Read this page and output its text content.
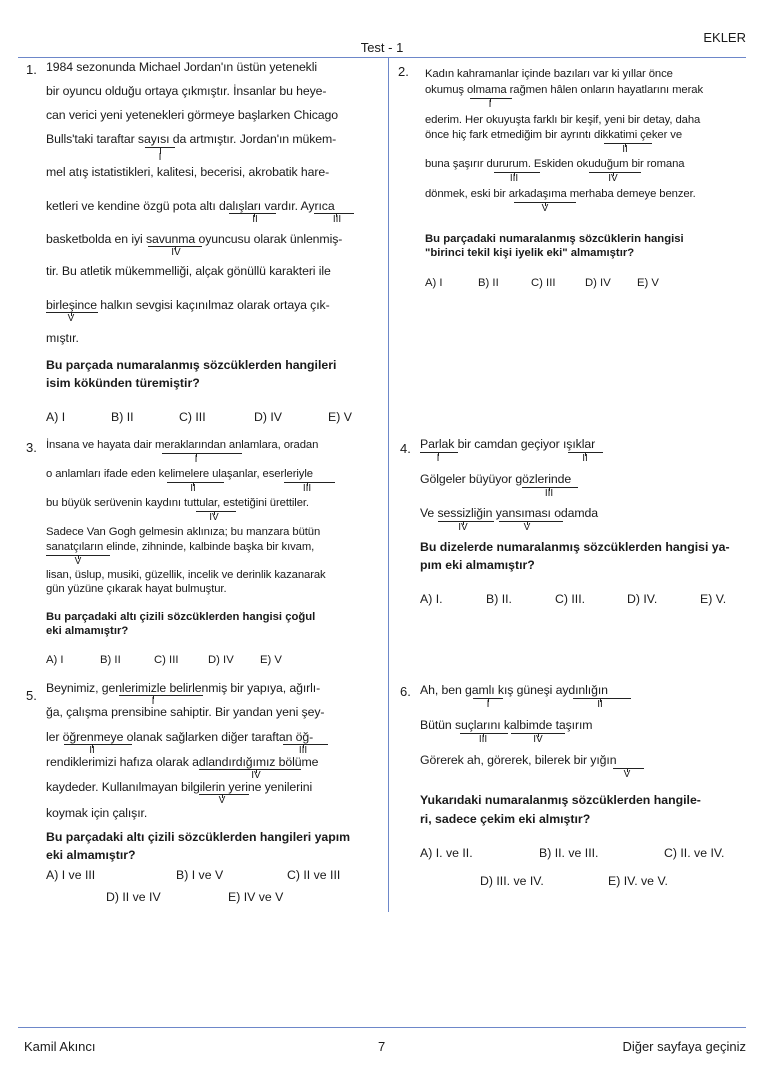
EKLER
Test - 1
1. 1984 sezonunda Michael Jordan'ın üstün yetenekli
bir oyuncu olduğu ortaya çıkmıştır. İnsanlar bu heye-
can verici yeni yetenekleri görmeye başlarken Chicago
Bulls'taki taraftar sayısı da artmıştır. Jordan'ın mükem-
mel atış istatistikleri, kalitesi, becerisi, akrobatik hare-
ketleri ve kendine özgü pota altı dalışları vardır. Ayrıca
basketbolda en iyi savunma oyuncusu olarak ünlenmiş-
tir. Bu atletik mükemmelliği, alçak gönüllü karakteri ile
birleşince halkın sevgisi kaçınılmaz olarak ortaya çık-
mıştır.
I
II	III
IV
V
Bu parçada numaralanmış sözcüklerden hangileri
isim kökünden türemiştir?
A) I	B) II	C) III	D) IV	E) V
2. Kadın kahramanlar içinde bazıları var ki yıllar önce
okumuş olmama rağmen hâlen onların hayatlarını merak
ederim. Her okuyuşta farklı bir keşif, yeni bir detay, daha
önce hiç fark etmediğim bir ayrıntı dikkatimi çeker ve
buna şaşırır dururum. Eskiden okuduğum bir romana
dönmek, eski bir arkadaşıma merhaba demeye benzer.
I
II
III	IV
V
Bu parçadaki numaralanmış sözcüklerin hangisi
"birinci tekil kişi iyelik eki" almamıştır?
A) I	B) II	C) III	D) IV E) V
3. İnsana ve hayata dair meraklarından anlamlara, oradan
o anlamları ifade eden kelimelere ulaşanlar, eserleriyle
bu büyük serüvenin kaydını tuttular, estetiğini ürettiler.
Sadece Van Gogh gelmesin aklınıza; bu manzara bütün
sanatçıların elinde, zihninde, kalbinde başka bir kıvam,
lisan, üslup, musiki, güzellik, incelik ve derinlik kazanarak
gün yüzüne çıkarak hayat bulmuştur.
I
II	III
IV
V
Bu parçadaki altı çizili sözcüklerden hangisi çoğul
eki almamıştır?
A) I	B) II	C) III	D) IV E) V
4. Parlak bir camdan geçiyor ışıklar
Gölgeler büyüyor gözlerinde
Ve sessizliğin yansıması odamda
I	II
III
IV	V
Bu dizelerde numaralanmış sözcüklerden hangisi ya-
pım eki almamıştır?
A) I.	B) II.	C) III.	D) IV.	E) V.
5. Beynimiz, genlerimizle belirlenmiş bir yapıya, ağırlı-
ğa, çalışma prensibine sahiptir. Bir yandan yeni şey-
ler öğrenmeye olanak sağlarken diğer taraftan öğ-
rendiklerimizi hafıza olarak adlandırdığımız bölüme
kaydeder. Kullanılmayan bilgilerin yerine yenilerini
koymak için çalışır.
I
II	III
IV
V
Bu parçadaki altı çizili sözcüklerden hangileri yapım
eki almamıştır?
A) I ve III	B) I ve V	C) II ve III
D) II ve IV	E) IV ve V
6. Ah, ben gamlı kış güneşi aydınlığın
Bütün suçlarını kalbimde taşırım
Görerek ah, görerek, bilerek bir yığın
I	II
III	IV
V
Yukarıdaki numaralanmış sözcüklerden hangile-
ri, sadece çekim eki almıştır?
A) I. ve II.	B) II. ve III.	C) II. ve IV.
D) III. ve IV.	E) IV. ve V.
Kamil Akıncı	7	Diğer sayfaya geçiniz
